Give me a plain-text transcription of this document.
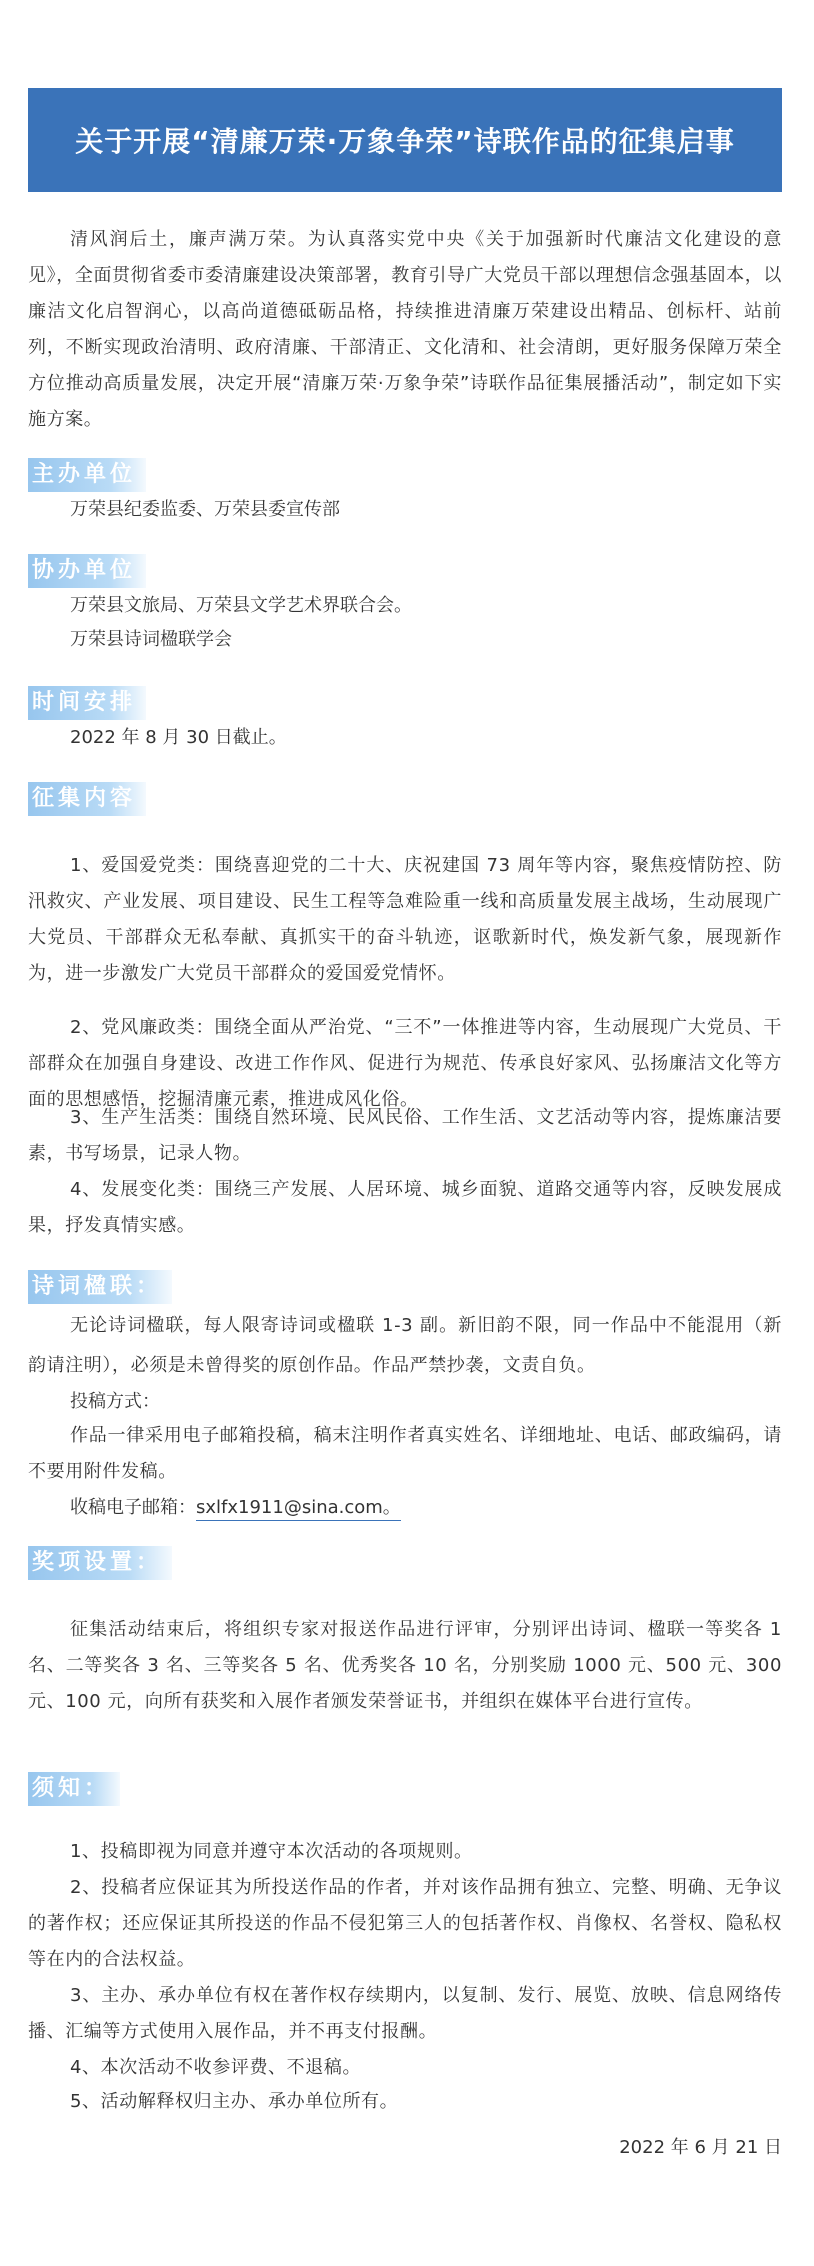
关于开展“清廉万荣·万象争荣”诗联作品的征集启事

清风润后土，廉声满万荣。为认真落实党中央《关于加强新时代廉洁文化建设的意见》，全面贯彻省委市委清廉建设决策部署，教育引导广大党员干部以理想信念强基固本，以廉洁文化启智润心，以高尚道德砥砺品格，持续推进清廉万荣建设出精品、创标杆、站前列，不断实现政治清明、政府清廉、干部清正、文化清和、社会清朗，更好服务保障万荣全方位推动高质量发展，决定开展“清廉万荣·万象争荣”诗联作品征集展播活动”，制定如下实施方案。

主办单位

万荣县纪委监委、万荣县委宣传部

协办单位

万荣县文旅局、万荣县文学艺术界联合会。

万荣县诗词楹联学会

时间安排

2022 年 8 月 30 日截止。

征集内容

1、爱国爱党类：围绕喜迎党的二十大、庆祝建国 73 周年等内容，聚焦疫情防控、防汛救灾、产业发展、项目建设、民生工程等急难险重一线和高质量发展主战场，生动展现广大党员、干部群众无私奉献、真抓实干的奋斗轨迹，讴歌新时代，焕发新气象，展现新作为，进一步激发广大党员干部群众的爱国爱党情怀。

2、党风廉政类：围绕全面从严治党、“三不”一体推进等内容，生动展现广大党员、干部群众在加强自身建设、改进工作作风、促进行为规范、传承良好家风、弘扬廉洁文化等方面的思想感悟，挖掘清廉元素，推进成风化俗。

3、生产生活类：围绕自然环境、民风民俗、工作生活、文艺活动等内容，提炼廉洁要素，书写场景，记录人物。

4、发展变化类：围绕三产发展、人居环境、城乡面貌、道路交通等内容，反映发展成果，抒发真情实感。

诗词楹联：

无论诗词楹联，每人限寄诗词或楹联 1-3 副。新旧韵不限，同一作品中不能混用（新韵请注明），必须是未曾得奖的原创作品。作品严禁抄袭，文责自负。

投稿方式：

作品一律采用电子邮箱投稿，稿末注明作者真实姓名、详细地址、电话、邮政编码，请不要用附件发稿。

收稿电子邮箱：sxlfx1911@sina.com。

奖项设置：

征集活动结束后，将组织专家对报送作品进行评审，分别评出诗词、楹联一等奖各 1 名、二等奖各 3 名、三等奖各 5 名、优秀奖各 10 名，分别奖励 1000 元、500 元、300 元、100 元，向所有获奖和入展作者颁发荣誉证书，并组织在媒体平台进行宣传。

须知：

1、投稿即视为同意并遵守本次活动的各项规则。

2、投稿者应保证其为所投送作品的作者，并对该作品拥有独立、完整、明确、无争议的著作权；还应保证其所投送的作品不侵犯第三人的包括著作权、肖像权、名誉权、隐私权等在内的合法权益。

3、主办、承办单位有权在著作权存续期内，以复制、发行、展览、放映、信息网络传播、汇编等方式使用入展作品，并不再支付报酬。

4、本次活动不收参评费、不退稿。

5、活动解释权归主办、承办单位所有。

2022 年 6 月 21 日
